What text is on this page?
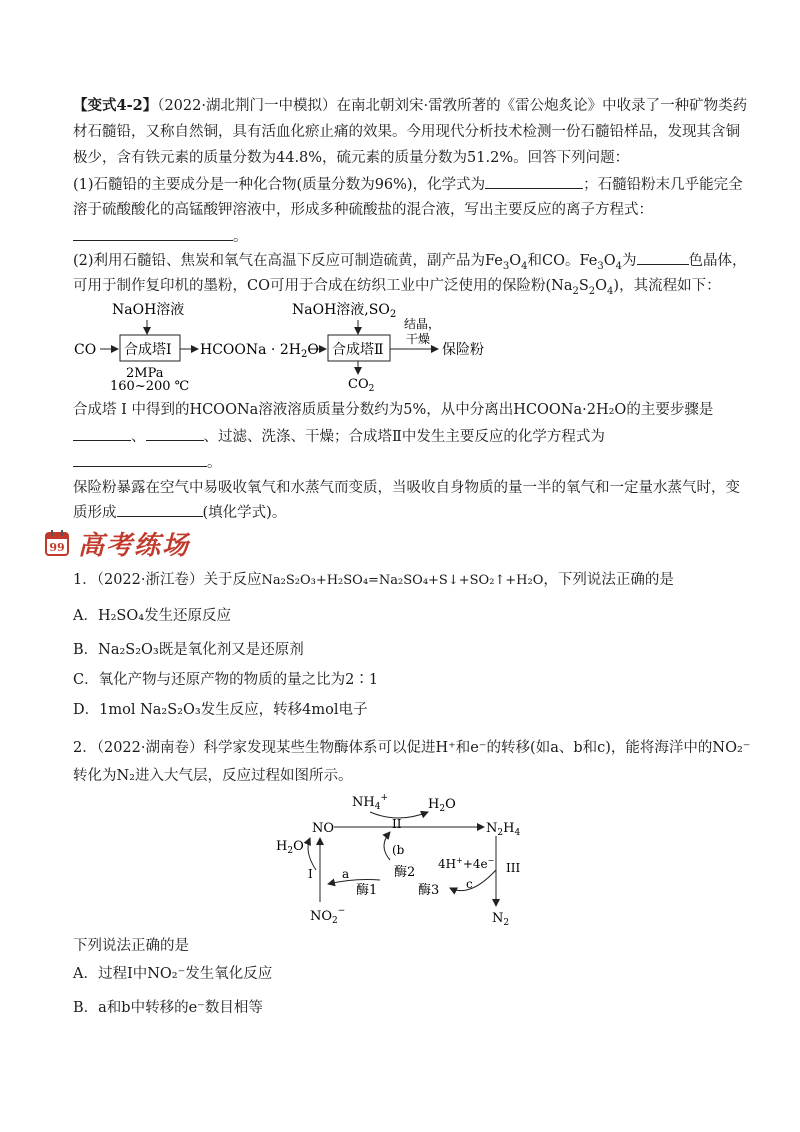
【变式4-2】（2022·湖北荆门一中模拟）在南北朝刘宋·雷敩所著的《雷公炮炙论》中收录了一种矿物类药
材石髓铅，又称自然铜，具有活血化瘀止痛的效果。今用现代分析技术检测一份石髓铅样品，发现其含铜
极少，含有铁元素的质量分数为44.8%，硫元素的质量分数为51.2%。回答下列问题：
(1)石髓铅的主要成分是一种化合物(质量分数为96%)，化学式为	；石髓铅粉末几乎能完全
溶于硫酸酸化的高锰酸钾溶液中，形成多种硫酸盐的混合液，写出主要反应的离子方程式：
。
(2)利用石髓铅、焦炭和氧气在高温下反应可制造硫黄，副产品为$Fe_3O_4$和CO。$Fe_3O_4$为	色晶体，
可用于制作复印机的墨粉，CO可用于合成在纺织工业中广泛使用的保险粉$(Na_2S_2O_4)$，其流程如下：
CO
NaOH溶液
合成塔Ⅰ
2MPa
160~200 ℃
HCOONa · $2H_2O$
NaOH溶液$,SO_2$
合成塔Ⅱ
$CO_2$
结晶，
干燥
保险粉
合成塔 Ⅰ 中得到的HCOONa溶液溶质质量分数约为5%，从中分离出HCOONa·2H₂O的主要步骤是
、	、过滤、洗涤、干燥；合成塔Ⅱ中发生主要反应的化学方程式为
。
保险粉暴露在空气中易吸收氧气和水蒸气而变质，当吸收自身物质的量一半的氧气和一定量水蒸气时，变
质形成	(填化学式)。
99 高考练场
1．（2022·浙江卷）关于反应Na₂S₂O₃+H₂SO₄=Na₂SO₄+S↓+SO₂↑+H₂O，下列说法正确的是
A．H₂SO₄发生还原反应
B．Na₂S₂O₃既是氧化剂又是还原剂
C．氧化产物与还原产物的物质的量之比为2∶1
D．1mol Na₂S₂O₃发生反应，转移4mol电子
2．（2022·湖南卷）科学家发现某些生物酶体系可以促进H⁺和e⁻的转移(如a、b和c)，能将海洋中的NO₂⁻
转化为N₂进入大气层，反应过程如图所示。
$NH_4^+$	$H_2O$
II
NO	$N_2H_4$
$H_2O$
I a
酶1
(b
酶2
酶3
4H++4e−
c
III
$NO_2^-$	$N_2$
下列说法正确的是
A．过程Ⅰ中NO₂⁻发生氧化反应
B．a和b中转移的e⁻数目相等
